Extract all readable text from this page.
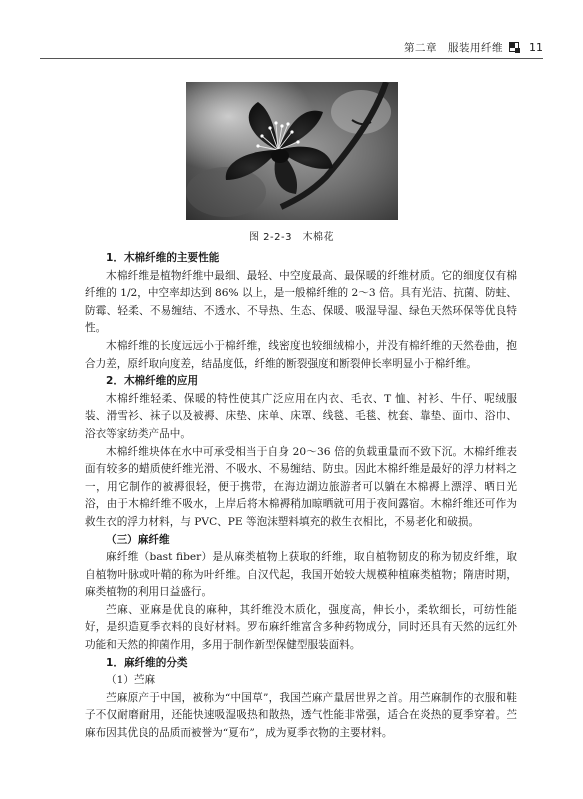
第二章　服装用纤维 11
图 2-2-3　木棉花
1．木棉纤维的主要性能

木棉纤维是植物纤维中最细、最轻、中空度最高、最保暖的纤维材质。它的细度仅有棉纤维的 1/2，中空率却达到 86% 以上，是一般棉纤维的 2～3 倍。具有光洁、抗菌、防蛀、防霉、轻柔、不易缠结、不透水、不导热、生态、保暖、吸湿导湿、绿色天然环保等优良特性。

木棉纤维的长度远远小于棉纤维，线密度也较细绒棉小，并没有棉纤维的天然卷曲，抱合力差，原纤取向度差，结晶度低，纤维的断裂强度和断裂伸长率明显小于棉纤维。

2．木棉纤维的应用

木棉纤维轻柔、保暖的特性使其广泛应用在内衣、毛衣、T 恤、衬衫、牛仔、呢绒服装、滑雪衫、袜子以及被褥、床垫、床单、床罩、线毯、毛毯、枕套、靠垫、面巾、浴巾、浴衣等家纺类产品中。

木棉纤维块体在水中可承受相当于自身 20～36 倍的负载重量而不致下沉。木棉纤维表面有较多的蜡质使纤维光滑、不吸水、不易缠结、防虫。因此木棉纤维是最好的浮力材料之一，用它制作的被褥很轻，便于携带，在海边湖边旅游者可以躺在木棉褥上漂浮、晒日光浴，由于木棉纤维不吸水，上岸后将木棉褥稍加晾晒就可用于夜间露宿。木棉纤维还可作为救生衣的浮力材料，与 PVC、PE 等泡沫塑料填充的救生衣相比，不易老化和破损。

（三）麻纤维

麻纤维（bast fiber）是从麻类植物上获取的纤维，取自植物韧皮的称为韧皮纤维，取自植物叶脉或叶鞘的称为叶纤维。自汉代起，我国开始较大规模种植麻类植物；隋唐时期，麻类植物的利用日益盛行。

苎麻、亚麻是优良的麻种，其纤维没木质化，强度高，伸长小，柔软细长，可纺性能好，是织造夏季衣料的良好材料。罗布麻纤维富含多种药物成分，同时还具有天然的远红外功能和天然的抑菌作用，多用于制作新型保健型服装面料。

1．麻纤维的分类
（1）苎麻

苎麻原产于中国，被称为“中国草”，我国苎麻产量居世界之首。用苎麻制作的衣服和鞋子不仅耐磨耐用，还能快速吸湿吸热和散热，透气性能非常强，适合在炎热的夏季穿着。苎麻布因其优良的品质而被誉为“夏布”，成为夏季衣物的主要材料。
